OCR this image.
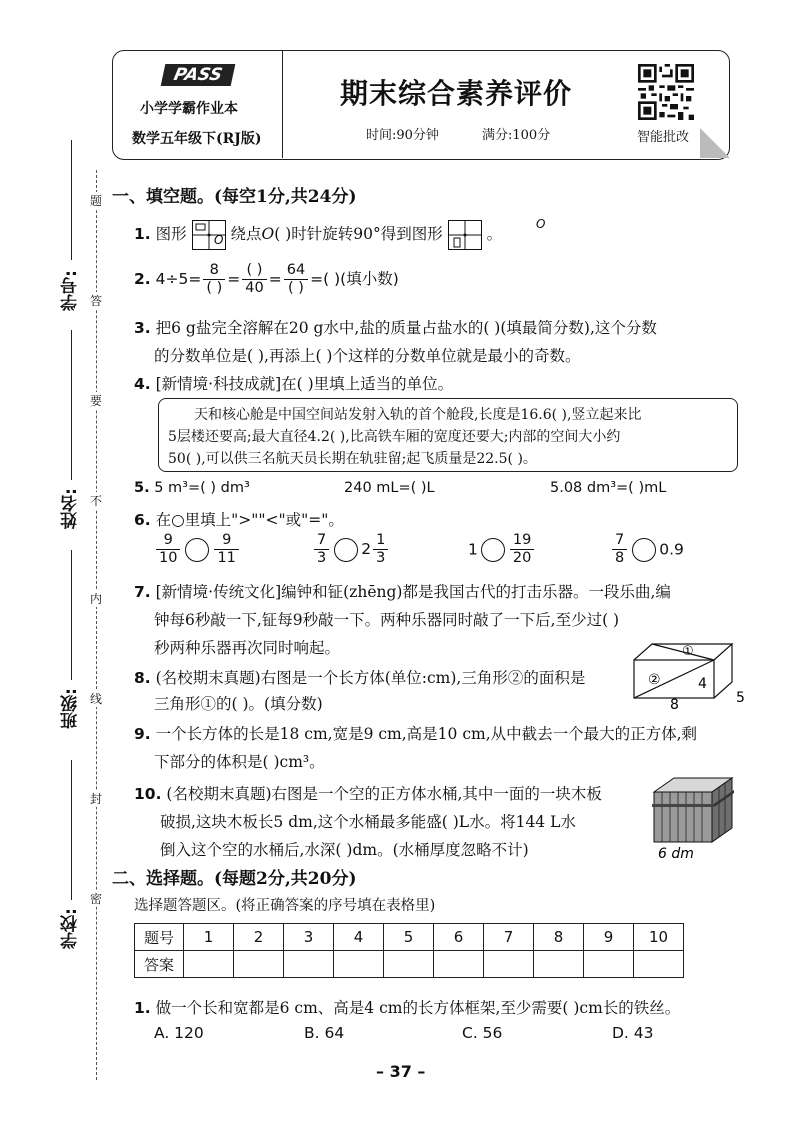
学号:
姓名:
班级:
学校:
题
答
要
不
内
线
封
密
PASS
小学学霸作业本
数学五年级下(RJ版)
期末综合素养评价
时间:90分钟	满分:100分	智能批改
一、填空题。(每空1分,共24分)
1. 图形	绕点O( )时针旋转90°得到图形	。
O
O
2. 4÷5= 8
( ) = ( )
40 = 64
( ) =( )(填小数)
3. 把6 g盐完全溶解在20 g水中,盐的质量占盐水的( )(填最简分数),这个分数
的分数单位是( ),再添上( )个这样的分数单位就是最小的奇数。
4. [新情境·科技成就]在( )里填上适当的单位。
天和核心舱是中国空间站发射入轨的首个舱段,长度是16.6( ),竖立起来比
5层楼还要高;最大直径4.2( ),比高铁车厢的宽度还要大;内部的空间大小约
50( ),可以供三名航天员长期在轨驻留;起飞质量是22.5( )。
5. 5 m³=( ) dm³	240 mL=( )L	5.08 dm³=( )mL
6. 在○里填上">""<"或"="。
$\frac{9}{10} \frac{9}{11}$	$\frac{7}{3} 2 \frac{1}{3}$	$1 \frac{19}{20}$	$\frac{7}{8} 0.9$
7. [新情境·传统文化]编钟和钲(zhēng)都是我国古代的打击乐器。一段乐曲,编
钟每6秒敲一下,钲每9秒敲一下。两种乐器同时敲了一下后,至少过( )
秒两种乐器再次同时响起。
8. (名校期末真题)右图是一个长方体(单位:cm),三角形②的面积是
三角形①的( )。(填分数)
①
②	4
8	5
9. 一个长方体的长是18 cm,宽是9 cm,高是10 cm,从中截去一个最大的正方体,剩
下部分的体积是( )cm³。
10. (名校期末真题)右图是一个空的正方体水桶,其中一面的一块木板
破损,这块木板长5 dm,这个水桶最多能盛( )L水。将144 L水
倒入这个空的水桶后,水深( )dm。(水桶厚度忽略不计)	6 dm
二、选择题。(每题2分,共20分)
选择题答题区。(将正确答案的序号填在表格里)
题号	1	2	3	4	5	6	7	8	9	10
答案										
1. 做一个长和宽都是6 cm、高是4 cm的长方体框架,至少需要( )cm长的铁丝。
A. 120	B. 64	C. 56	D. 43
– 37 –
